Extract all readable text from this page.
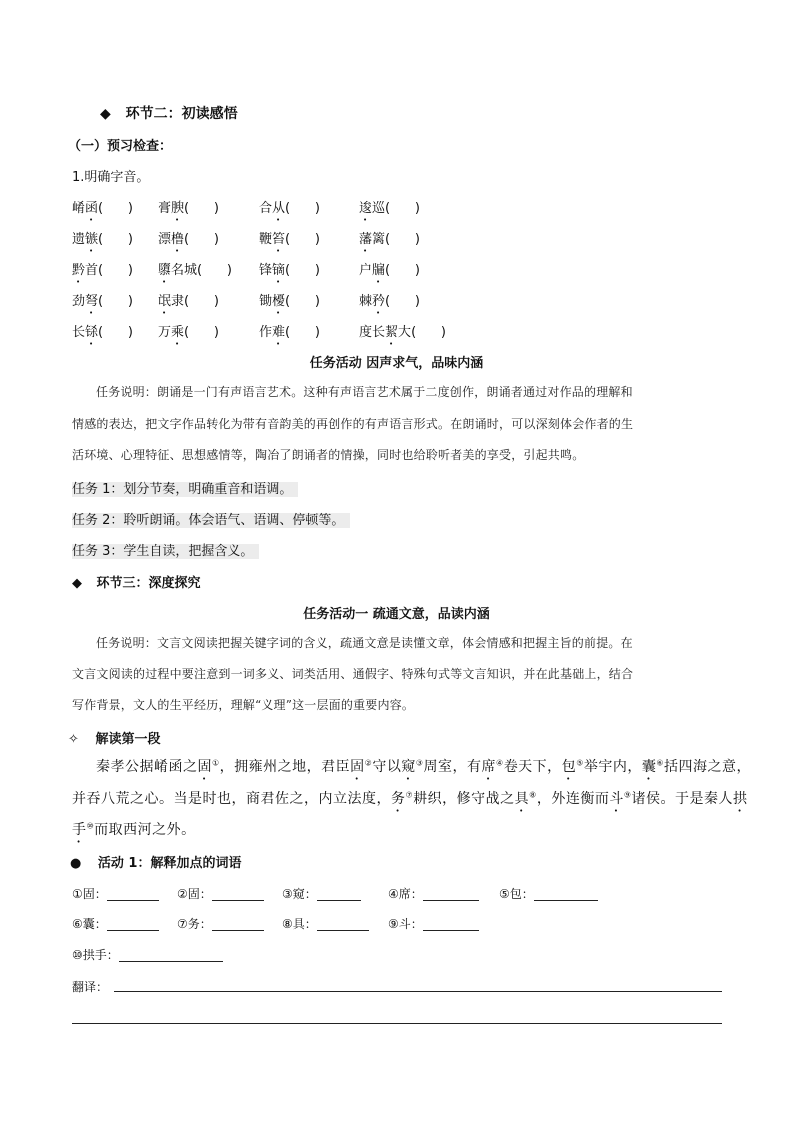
◆ 环节二：初读感悟
（一）预习检查：
1.明确字音。
崤函(      ) 膏腴(      )	合从(      )	逡巡(      )
遗镞(      ) 漂橹(      )	鞭笞(      )	藩篱(      )
黔首(      ) 隳名城(      ) 锋镝(      )	户牖(      )
劲弩(      ) 氓隶(      )	锄櫌(      )	棘矜(      )
长铩(      ) 万乘(      )	作难(      )	度长絜大(      )
任务活动 因声求气，品味内涵
任务说明：朗诵是一门有声语言艺术。这种有声语言艺术属于二度创作，朗诵者通过对作品的理解和
情感的表达，把文字作品转化为带有音韵美的再创作的有声语言形式。在朗诵时，可以深刻体会作者的生
活环境、心理特征、思想感情等，陶冶了朗诵者的情操，同时也给聆听者美的享受，引起共鸣。
任务 1：划分节奏，明确重音和语调。
任务 2：聆听朗诵。体会语气、语调、停顿等。
任务 3：学生自读，把握含义。
◆ 环节三：深度探究
任务活动一 疏通文意，品读内涵
任务说明：文言文阅读把握关键字词的含义，疏通文意是读懂文章，体会情感和把握主旨的前提。在
文言文阅读的过程中要注意到一词多义、词类活用、通假字、特殊句式等文言知识，并在此基础上，结合
写作背景，文人的生平经历，理解“义理”这一层面的重要内容。
✧ 解读第一段
秦孝公据崤函之固①，拥雍州之地，君臣固②守以窥③周室，有席④卷天下，包⑤举宇内，囊⑥括四海之意，
并吞八荒之心。当是时也，商君佐之，内立法度，务⑦耕织，修守战之具⑧，外连衡而斗⑨诸侯。于是秦人拱
手⑩而取西河之外。
● 活动 1：解释加点的词语
①固：	②固：	③窥：	④席：	⑤包：
⑥囊：	⑦务：	⑧具：	⑨斗：
⑩拱手：
翻译：
